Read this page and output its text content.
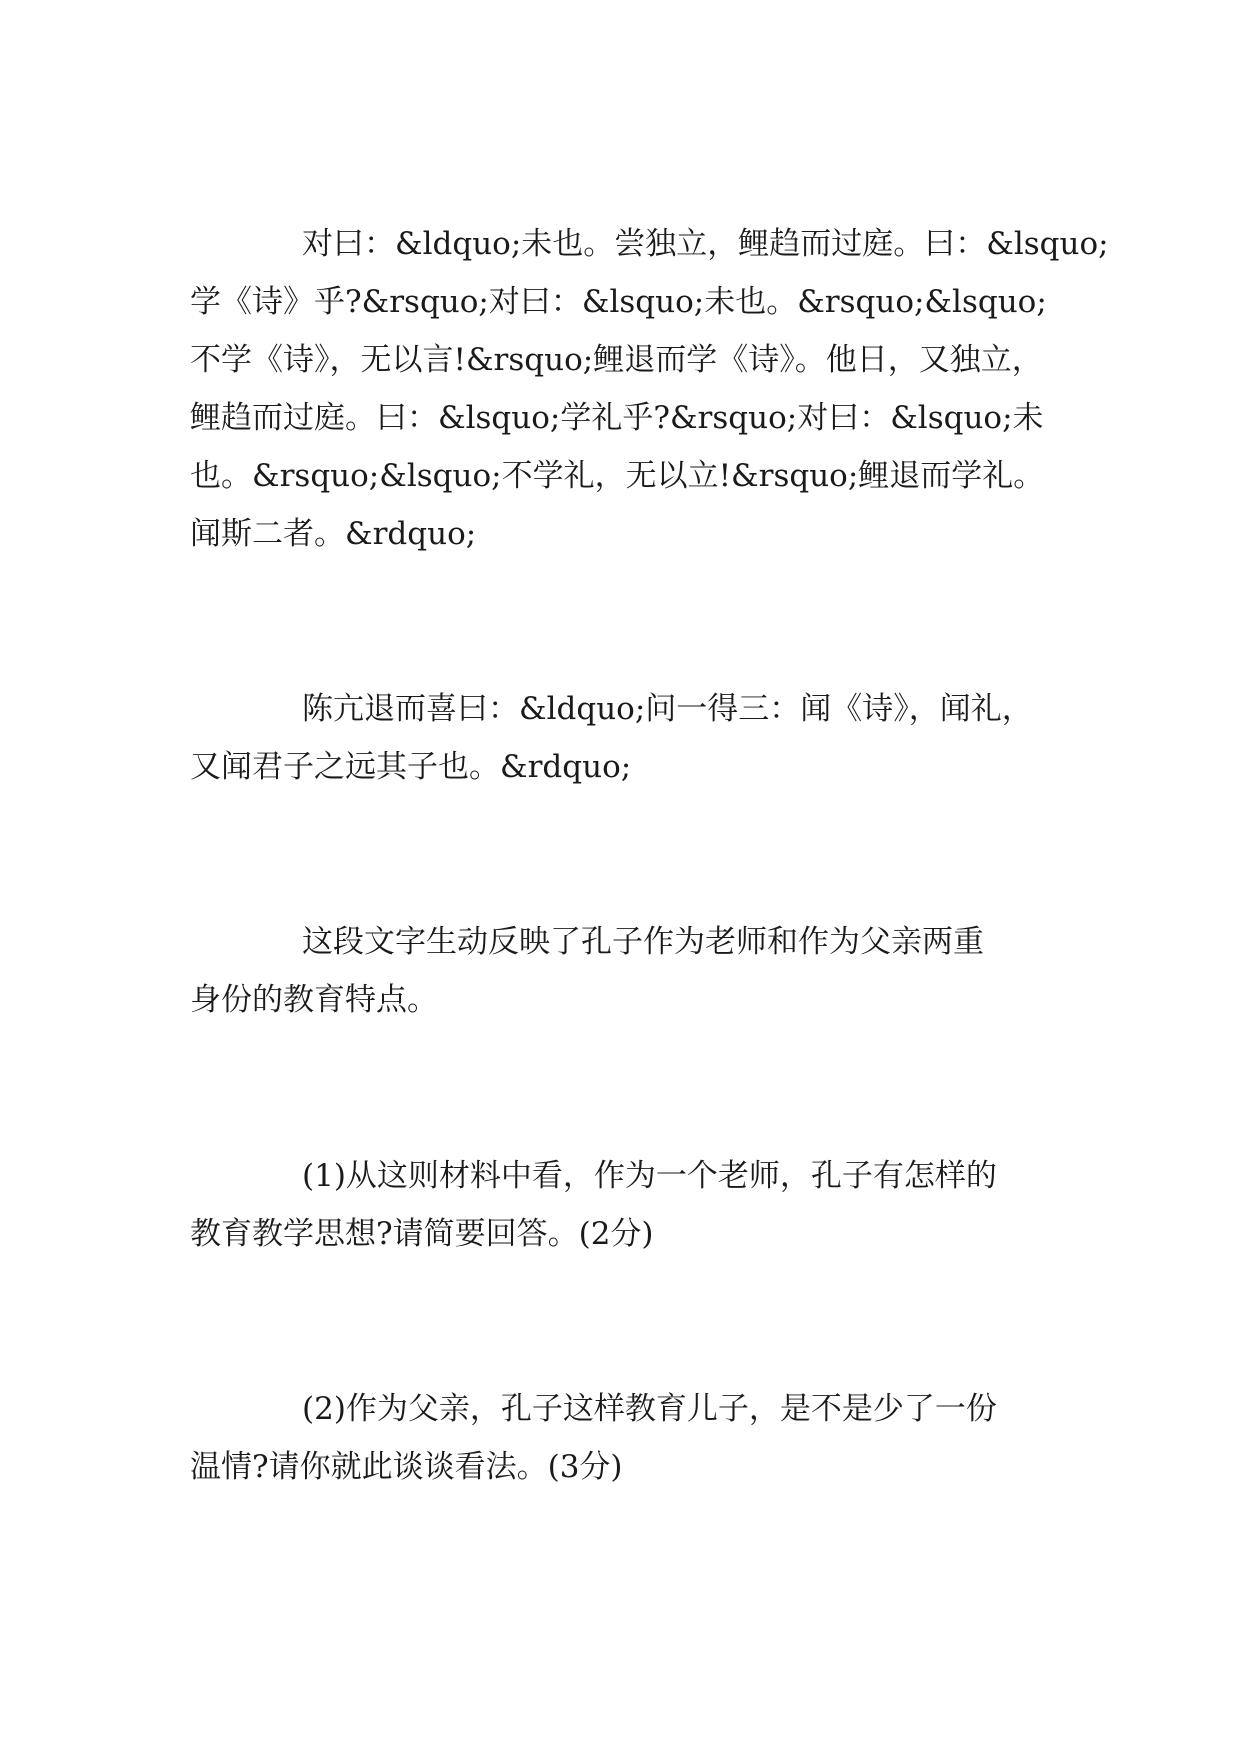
对曰：&ldquo;未也。尝独立，鲤趋而过庭。曰：&lsquo;
学《诗》乎?&rsquo;对曰：&lsquo;未也。&rsquo;&lsquo;
不学《诗》，无以言!&rsquo;鲤退而学《诗》。他日，又独立，
鲤趋而过庭。曰：&lsquo;学礼乎?&rsquo;对曰：&lsquo;未
也。&rsquo;&lsquo;不学礼，无以立!&rsquo;鲤退而学礼。
闻斯二者。&rdquo;
陈亢退而喜曰：&ldquo;问一得三：闻《诗》，闻礼，
又闻君子之远其子也。&rdquo;
这段文字生动反映了孔子作为老师和作为父亲两重
身份的教育特点。
(1)从这则材料中看，作为一个老师，孔子有怎样的
教育教学思想?请简要回答。(2分)
(2)作为父亲，孔子这样教育儿子，是不是少了一份
温情?请你就此谈谈看法。(3分)
